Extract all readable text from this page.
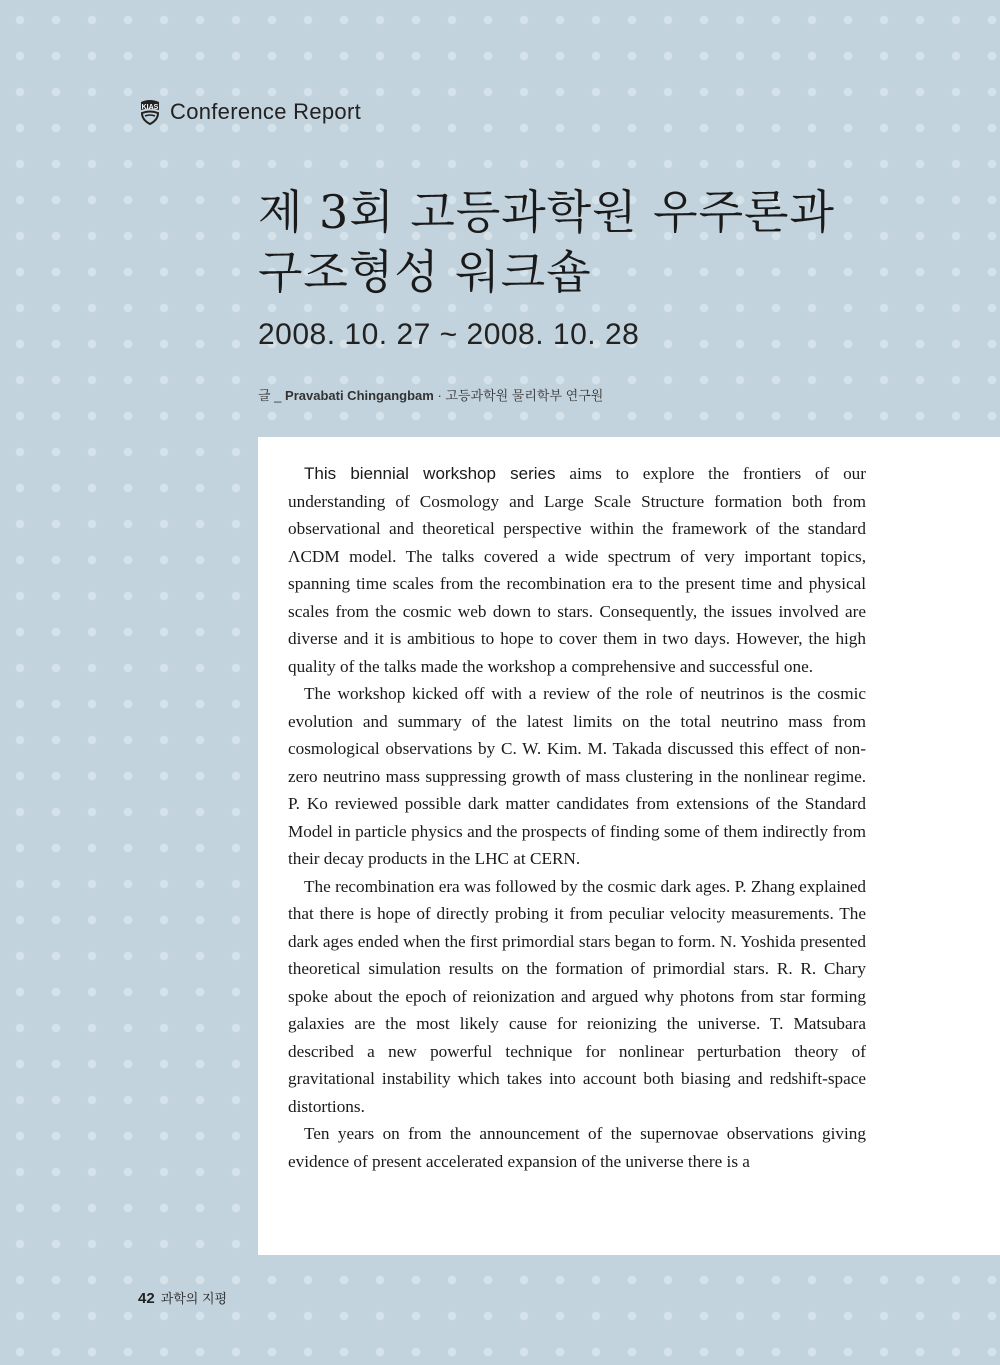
KIAS Conference Report
제 3회 고등과학원 우주론과
구조형성 워크숍
2008. 10. 27 ~ 2008. 10. 28
글 _ Pravabati Chingangbam · 고등과학원 물리학부 연구원

This biennial workshop series aims to explore the frontiers of our understanding of Cosmology and Large Scale Structure formation both from observational and theoretical perspective within the framework of the standard ΛCDM model. The talks covered a wide spectrum of very important topics, spanning time scales from the recombination era to the present time and physical scales from the cosmic web down to stars. Consequently, the issues involved are diverse and it is ambitious to hope to cover them in two days. However, the high quality of the talks made the workshop a comprehensive and successful one.

The workshop kicked off with a review of the role of neutrinos is the cosmic evolution and summary of the latest limits on the total neutrino mass from cosmological observations by C. W. Kim. M. Takada discussed this effect of non-zero neutrino mass suppressing growth of mass clustering in the nonlinear regime. P. Ko reviewed possible dark matter candidates from extensions of the Standard Model in particle physics and the prospects of finding some of them indirectly from their decay products in the LHC at CERN.

The recombination era was followed by the cosmic dark ages. P. Zhang explained that there is hope of directly probing it from peculiar velocity measurements. The dark ages ended when the first primordial stars began to form. N. Yoshida presented theoretical simulation results on the formation of primordial stars. R. R. Chary spoke about the epoch of reionization and argued why photons from star forming galaxies are the most likely cause for reionizing the universe. T. Matsubara described a new powerful technique for nonlinear perturbation theory of gravitational instability which takes into account both biasing and redshift-space distortions.

Ten years on from the announcement of the supernovae observations giving evidence of present accelerated expansion of the universe there is a

42 과학의 지평
